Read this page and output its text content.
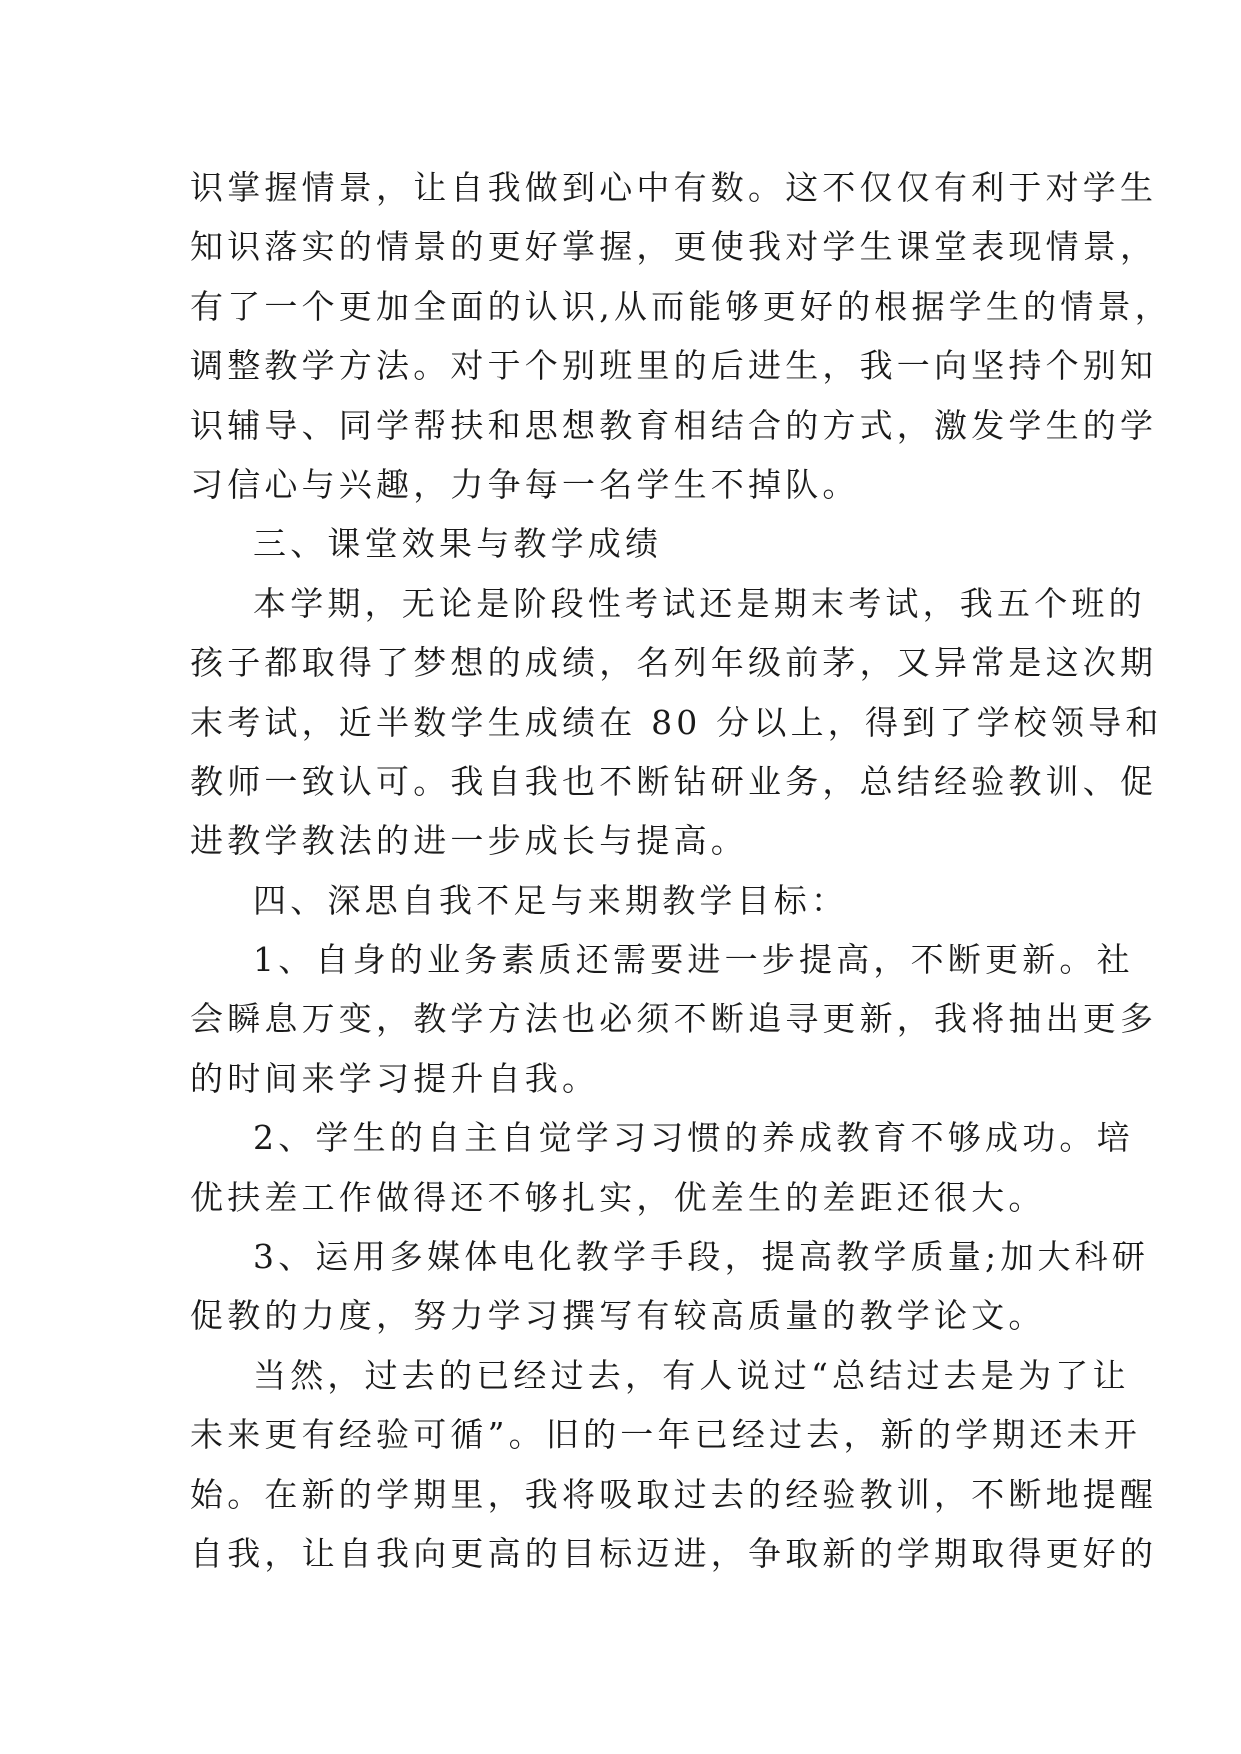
识掌握情景，让自我做到心中有数。这不仅仅有利于对学生
知识落实的情景的更好掌握，更使我对学生课堂表现情景，
有了一个更加全面的认识,从而能够更好的根据学生的情景，
调整教学方法。对于个别班里的后进生，我一向坚持个别知
识辅导、同学帮扶和思想教育相结合的方式，激发学生的学
习信心与兴趣，力争每一名学生不掉队。
三、课堂效果与教学成绩
本学期，无论是阶段性考试还是期末考试，我五个班的
孩子都取得了梦想的成绩，名列年级前茅，又异常是这次期
末考试，近半数学生成绩在 80 分以上，得到了学校领导和
教师一致认可。我自我也不断钻研业务，总结经验教训、促
进教学教法的进一步成长与提高。
四、深思自我不足与来期教学目标：
1、自身的业务素质还需要进一步提高，不断更新。社
会瞬息万变，教学方法也必须不断追寻更新，我将抽出更多
的时间来学习提升自我。
2、学生的自主自觉学习习惯的养成教育不够成功。培
优扶差工作做得还不够扎实，优差生的差距还很大。
3、运用多媒体电化教学手段，提高教学质量;加大科研
促教的力度，努力学习撰写有较高质量的教学论文。
当然，过去的已经过去，有人说过“总结过去是为了让
未来更有经验可循”。旧的一年已经过去，新的学期还未开
始。在新的学期里，我将吸取过去的经验教训，不断地提醒
自我，让自我向更高的目标迈进，争取新的学期取得更好的
